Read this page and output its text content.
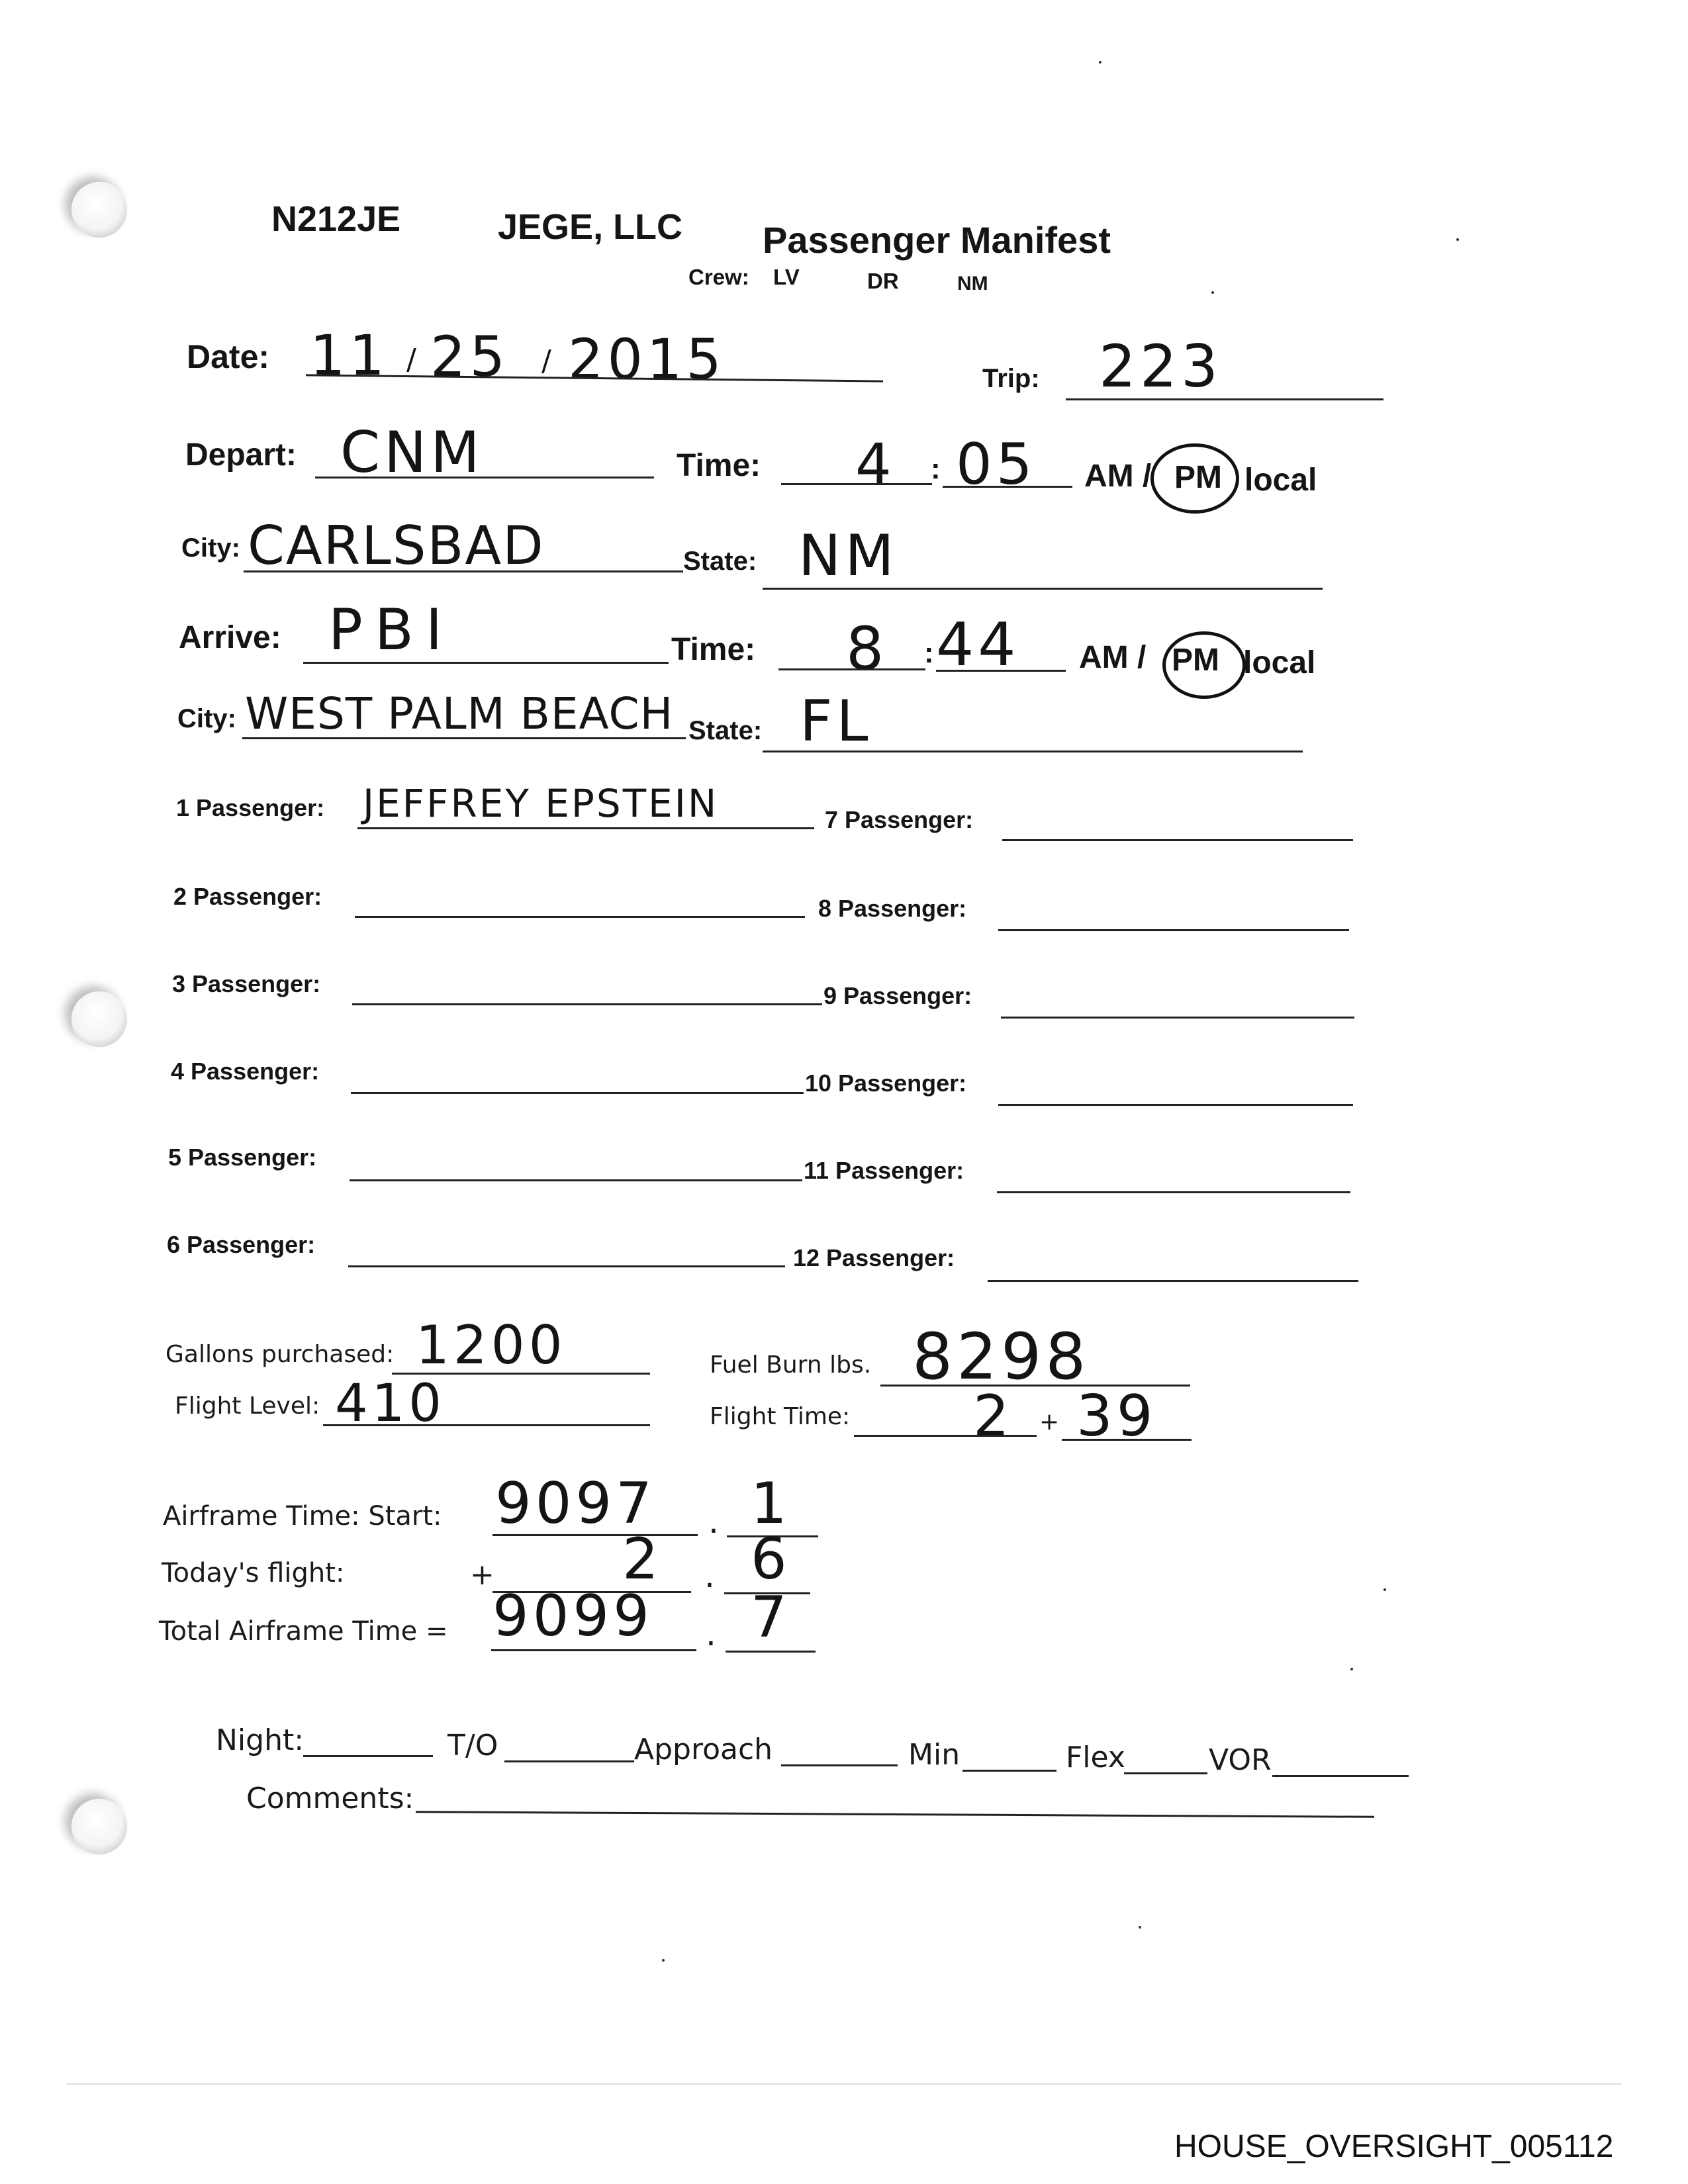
N212JE	JEGE, LLC Passenger Manifest
Crew: LV	DR	NM
Date: 11 / 25 / 2015	Trip: 223
Depart: CNM	Time: 4 : 05 AM / PM local
City: CARLSBAD	State: NM
Arrive: PBI	Time: 8 : 44 AM / PM local
City: WEST PALM BEACH State: FL
1 Passenger: JEFFREY EPSTEIN
2 Passenger:
3 Passenger:
4 Passenger:
5 Passenger:
6 Passenger:
7 Passenger:
8 Passenger:
9 Passenger:
10 Passenger:
11 Passenger:
12 Passenger:
Gallons purchased: 1200	Fuel Burn lbs. 8298
Flight Level: 410	Flight Time: 2 + 39
Airframe Time: Start: 9097 . 1
Today's flight:	+ 2 . 6
Total Airframe Time = 9099 . 7
Night:	T/O	Approach	Min	Flex	VOR
Comments:
HOUSE_OVERSIGHT_005112
